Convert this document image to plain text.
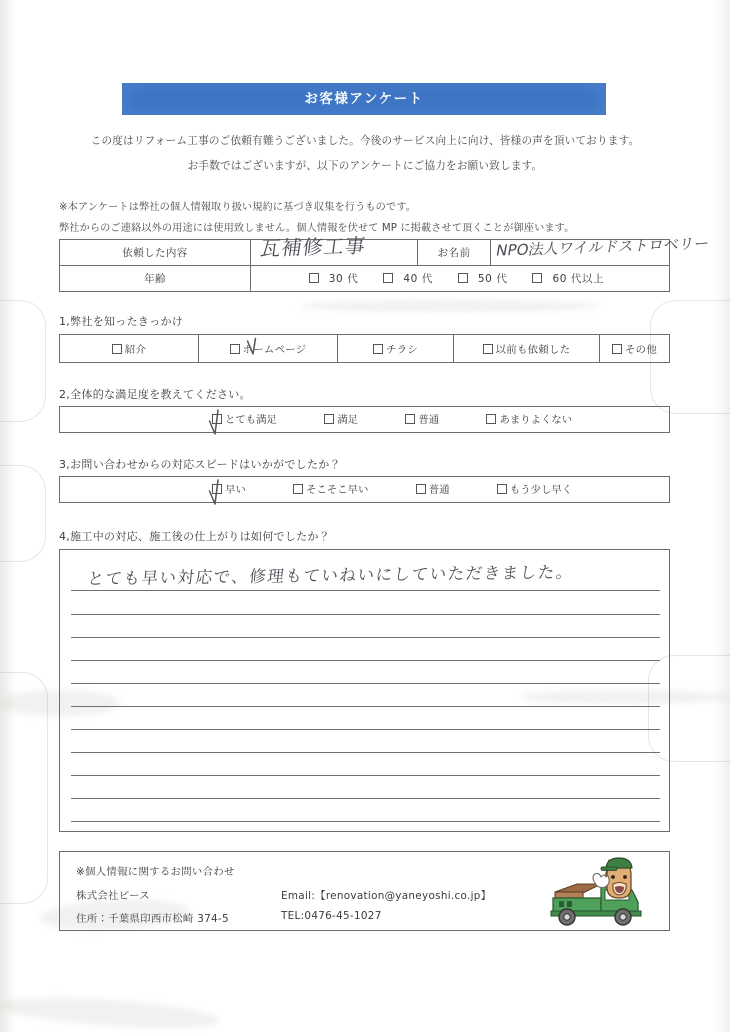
お客様アンケート
この度はリフォーム工事のご依頼有難うございました。今後のサービス向上に向け、皆様の声を頂いております。
お手数ではございますが、以下のアンケートにご協力をお願い致します。
※本アンケートは弊社の個人情報取り扱い規約に基づき収集を行うものです。
弊社からのご連絡以外の用途には使用致しません。個人情報を伏せて MP に掲載させて頂くことが御座います。
依頼した内容	瓦補修工事	お名前	NPO法人ワイルドストロベリー

年齢	30 代 40 代 50 代 60 代以上		
1,弊社を知ったきっかけ
紹介	ホームページ	チラシ	以前も依頼した	その他
2,全体的な満足度を教えてください。
とても満足	満足	普通	あまりよくない
3,お問い合わせからの対応スピードはいかがでしたか？
早い	そこそこ早い	普通	もう少し早く
4,施工中の対応、施工後の仕上がりは如何でしたか？
とても早い対応で、修理もていねいにしていただきました。
※個人情報に関するお問い合わせ
株式会社ピース
住所：千葉県印西市松崎 374-5
Email:【renovation@yaneyoshi.co.jp】
TEL:0476-45-1027
